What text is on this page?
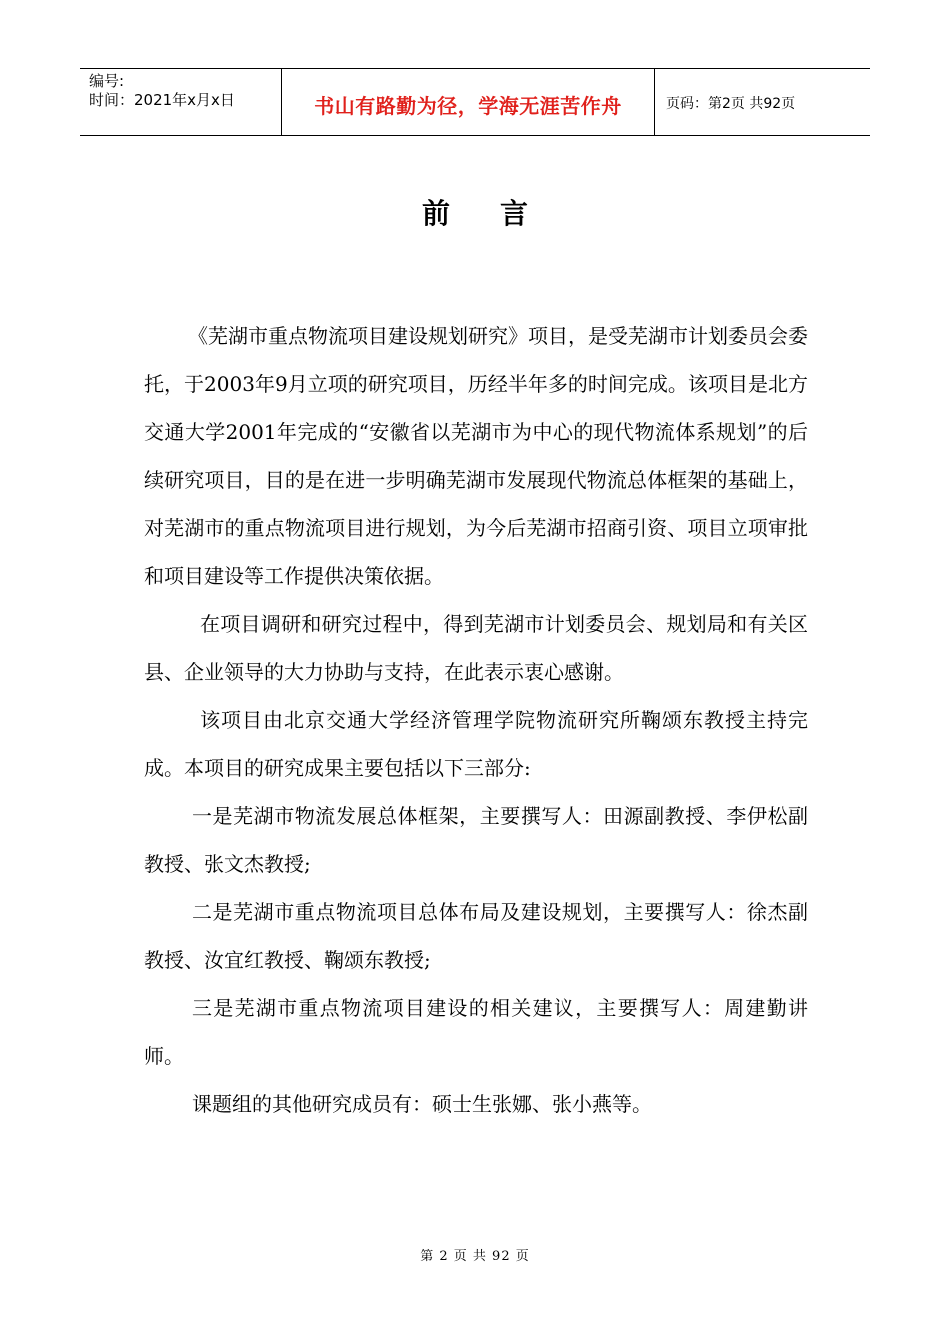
编号:
时间：2021年x月x日	书山有路勤为径，学海无涯苦作舟	页码：第2页 共92页
前言

《芜湖市重点物流项目建设规划研究》项目，是受芜湖市计划委员会委托，于2003年9月立项的研究项目，历经半年多的时间完成。该项目是北方交通大学2001年完成的“安徽省以芜湖市为中心的现代物流体系规划”的后续研究项目，目的是在进一步明确芜湖市发展现代物流总体框架的基础上，对芜湖市的重点物流项目进行规划，为今后芜湖市招商引资、项目立项审批和项目建设等工作提供决策依据。

在项目调研和研究过程中，得到芜湖市计划委员会、规划局和有关区县、企业领导的大力协助与支持，在此表示衷心感谢。

该项目由北京交通大学经济管理学院物流研究所鞠颂东教授主持完成。本项目的研究成果主要包括以下三部分:

一是芜湖市物流发展总体框架，主要撰写人：田源副教授、李伊松副教授、张文杰教授;

二是芜湖市重点物流项目总体布局及建设规划，主要撰写人：徐杰副教授、汝宜红教授、鞠颂东教授;

三是芜湖市重点物流项目建设的相关建议，主要撰写人：周建勤讲师。

课题组的其他研究成员有：硕士生张娜、张小燕等。

第 2 页 共 92 页
